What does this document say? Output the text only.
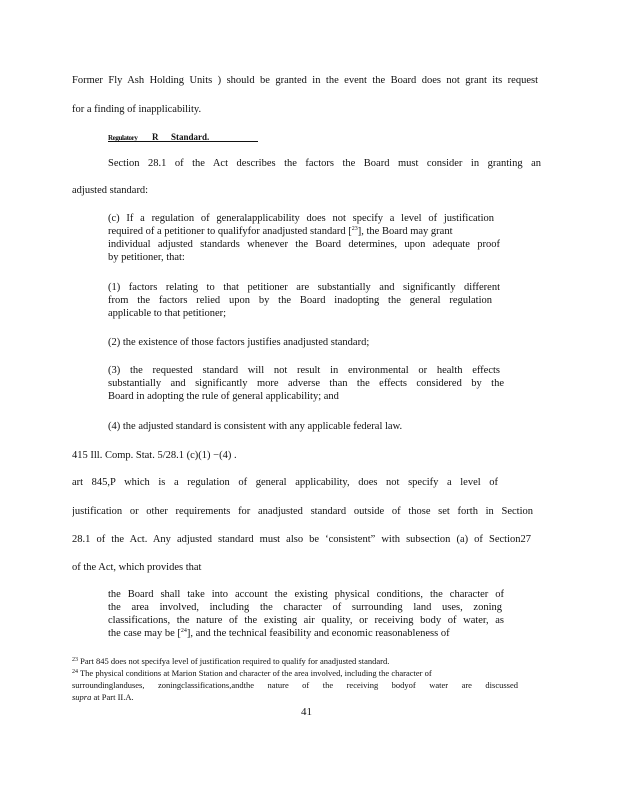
Former Fly Ash Holding Units ) should be granted in the event the Board does not grant its request
for a finding of inapplicability.
Regulatory R Standard.
Section 28.1 of the Act describes the factors the Board must consider in granting an
adjusted standard:
(c) If a regulation of generalapplicability does not specify a level of justification
required of a petitioner to qualifyfor anadjusted standard [$^{23}$], the Board may grant
individual adjusted standards whenever the Board determines, upon adequate proof
by petitioner, that:
(1) factors relating to that petitioner are substantially and significantly different
from the factors relied upon by the Board inadopting the general regulation
applicable to that petitioner;
(2) the existence of those factors justifies anadjusted standard;
(3) the requested standard will not result in environmental or health effects
substantially and significantly more adverse than the effects considered by the
Board in adopting the rule of general applicability; and
(4) the adjusted standard is consistent with any applicable federal law.
415 Ill. Comp. Stat. 5/28.1 (c)(1) −(4) .
art 845,P which is a regulation of general applicability, does not specify a level of
justification or other requirements for anadjusted standard outside of those set forth in Section
28.1 of the Act. Any adjusted standard must also be ‘consistent” with subsection (a) of Section27
of the Act, which provides that
the Board shall take into account the existing physical conditions, the character of
the area involved, including the character of surrounding land uses, zoning
classifications, the nature of the existing air quality, or receiving body of water, as
the case may be [$^{24}$], and the technical feasibility and economic reasonableness of
$^{23}$ Part 845 does not specifya level of justification required to qualify for anadjusted standard.
$^{24}$ The physical conditions at Marion Station and character of the area involved, including the character of
surroundinglanduses, zoningclassifications,andthe nature of the receiving bodyof water are discussed
supra at Part II.A.
41
